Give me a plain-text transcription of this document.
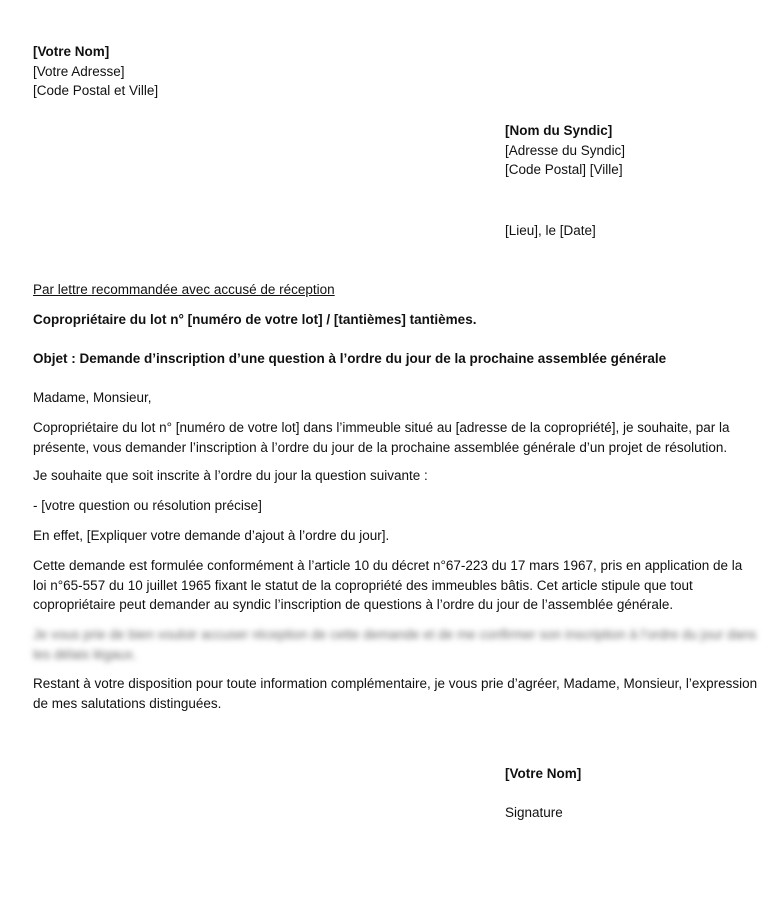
[Votre Nom]
[Votre Adresse]
[Code Postal et Ville]
[Nom du Syndic]
[Adresse du Syndic]
[Code Postal] [Ville]
[Lieu], le [Date]
Par lettre recommandée avec accusé de réception
Copropriétaire du lot n° [numéro de votre lot] / [tantièmes] tantièmes.
Objet : Demande d’inscription d’une question à l’ordre du jour de la prochaine assemblée générale
Madame, Monsieur,
Copropriétaire du lot n° [numéro de votre lot] dans l’immeuble situé au [adresse de la copropriété], je souhaite, par la présente, vous demander l’inscription à l’ordre du jour de la prochaine assemblée générale d’un projet de résolution.
Je souhaite que soit inscrite à l’ordre du jour la question suivante :
- [votre question ou résolution précise]
En effet, [Expliquer votre demande d’ajout à l’ordre du jour].
Cette demande est formulée conformément à l’article 10 du décret n°67-223 du 17 mars 1967, pris en application de la loi n°65-557 du 10 juillet 1965 fixant le statut de la copropriété des immeubles bâtis. Cet article stipule que tout copropriétaire peut demander au syndic l’inscription de questions à l’ordre du jour de l’assemblée générale.
Je vous prie de bien vouloir accuser réception de cette demande et de me confirmer son inscription à l’ordre du jour dans les délais légaux.
Restant à votre disposition pour toute information complémentaire, je vous prie d’agréer, Madame, Monsieur, l’expression de mes salutations distinguées.
[Votre Nom]
Signature
